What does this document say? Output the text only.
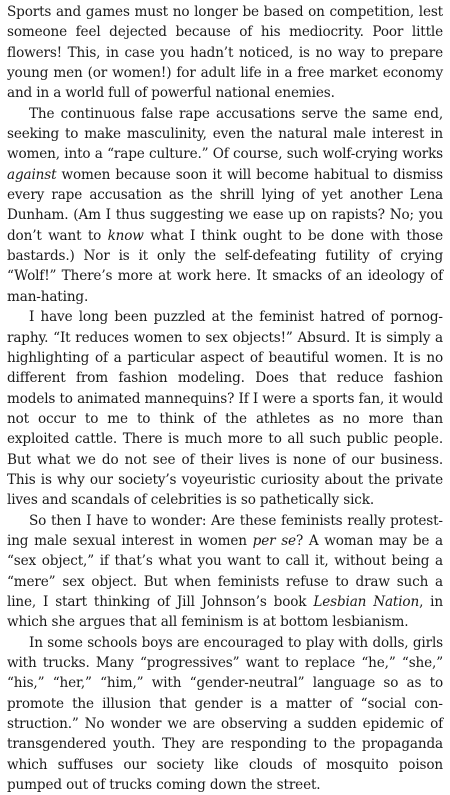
Sports and games must no longer be based on competition, lest someone feel dejected because of his mediocrity. Poor little flowers! This, in case you hadn’t noticed, is no way to prepare young men (or women!) for adult life in a free market economy and in a world full of powerful national enemies.

The continuous false rape accusations serve the same end, seeking to make masculinity, even the natural male interest in women, into a “rape culture.” Of course, such wolf-crying works against women because soon it will become habitual to dismiss every rape accusation as the shrill lying of yet another Lena Dunham. (Am I thus suggesting we ease up on rapists? No; you don’t want to know what I think ought to be done with those bastards.) Nor is it only the self-defeating futility of crying “Wolf!” There’s more at work here. It smacks of an ideology of man-hating.

I have long been puzzled at the feminist hatred of pornography. “It reduces women to sex objects!” Absurd. It is simply a highlighting of a particular aspect of beautiful women. It is no different from fashion modeling. Does that reduce fashion models to animated mannequins? If I were a sports fan, it would not occur to me to think of the athletes as no more than exploited cattle. There is much more to all such public people. But what we do not see of their lives is none of our business. This is why our society’s voyeuristic curiosity about the private lives and scandals of celebrities is so pathetically sick.

So then I have to wonder: Are these feminists really protesting male sexual interest in women per se? A woman may be a “sex object,” if that’s what you want to call it, without being a “mere” sex object. But when feminists refuse to draw such a line, I start thinking of Jill Johnson’s book Lesbian Nation, in which she argues that all feminism is at bottom lesbianism.

In some schools boys are encouraged to play with dolls, girls with trucks. Many “progressives” want to replace “he,” “she,” “his,” “her,” “him,” with “gender-neutral” language so as to promote the illusion that gender is a matter of “social construction.” No wonder we are observing a sudden epidemic of transgendered youth. They are responding to the propaganda which suffuses our society like clouds of mosquito poison pumped out of trucks coming down the street.
